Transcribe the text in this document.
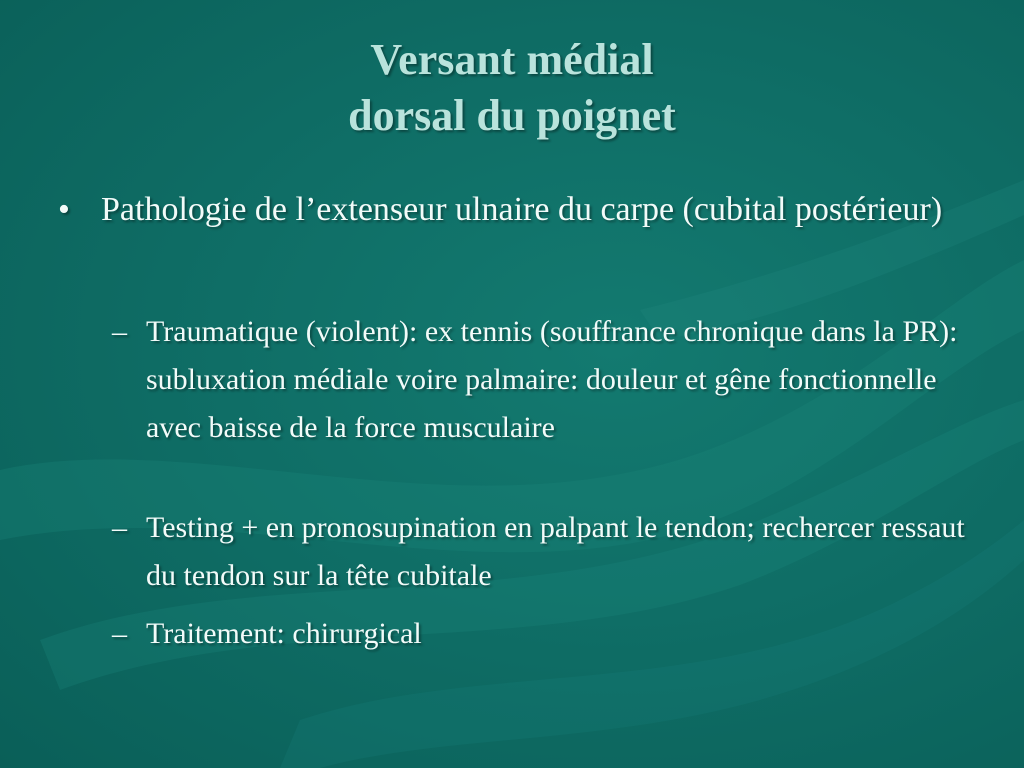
Versant médial
dorsal du poignet
• Pathologie de l’extenseur ulnaire du carpe (cubital postérieur)
– Traumatique (violent): ex tennis (souffrance chronique dans la PR): subluxation médiale voire palmaire: douleur et gêne fonctionnelle avec baisse de la force musculaire
– Testing + en pronosupination en palpant le tendon; rechercer ressaut du tendon sur la tête cubitale
– Traitement: chirurgical
